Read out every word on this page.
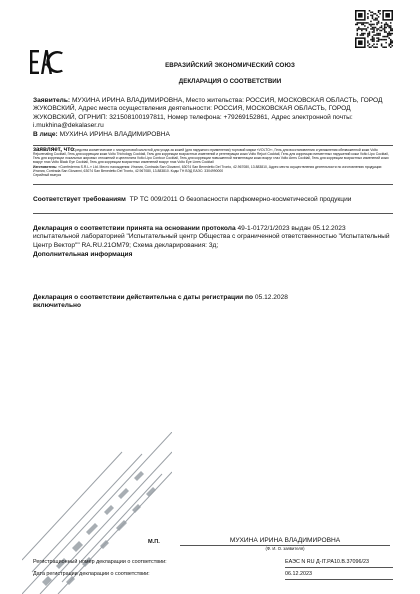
ЕВРАЗИЙСКИЙ ЭКОНОМИЧЕСКИЙ СОЮЗ
ДЕКЛАРАЦИЯ О СООТВЕТСТВИИ
Заявитель: МУХИНА ИРИНА ВЛАДИМИРОВНА, Место жительства: РОССИЯ, МОСКОВСКАЯ ОБЛАСТЬ, ГОРОД ЖУКОВСКИЙ, Адрес места осуществления деятельности: РОССИЯ, МОСКОВСКАЯ ОБЛАСТЬ, ГОРОД ЖУКОВСКИЙ, ОГРНИП: 321508100197811, Номер телефона: +79269152861, Адрес электронной почты: i.mukhina@dekalaser.ru
В лице: МУХИНА ИРИНА ВЛАДИМИРОВНА
заявляет, что Средства косметические с гиалуроновой кислотой для ухода за кожей (для наружного применения) торговой марки «VOLTO»:, Гель для восстановления и увлажнения обезвоженной кожи Volto Rejuvenating Cocktail, Гель для коррекции кожи Volto Trichology Cocktail, Гель для коррекции возрастных изменений и регенерации кожи Volto Rejuvi Cocktail, Гель для коррекции пигментных нарушений кожи Volto Lipo Cocktail, Гель для коррекции локальных жировых отложений и целлюлита Volto Lipo Contour Cocktail, Гель для коррекции повышенной пигментации кожи вокруг глаз Volto Arms Cocktail, Гель для коррекции возрастных изменений кожи вокруг глаз Volto Black Eye Cocktail, Гель для коррекции возрастных изменений вокруг глаз Volto Eye Lines Cocktail
Изготовитель: «Comfederma S.R.L.» Ltd. Место нахождения: Италия, Contrada San Giovanni, 63074 San Benedetto Del Tronto, 42.967080, 13.883810, Адрес места осуществления деятельности по изготовлению продукции: Италия, Contrada San Giovanni, 63074 San Benedetto Del Tronto, 42.967080, 13.883810. Коды ТН ВЭД ЕАЭС: 3304990000
Серийный выпуск
Соответствует требованиям ТР ТС 009/2011 О безопасности парфюмерно-косметической продукции
Декларация о соответствии принята на основании протокола 49-1-0172/1/2023 выдан 05.12.2023 испытательной лабораторией "Испытательный центр Общества с ограниченной ответственностью "Испытательный Центр Вектор"" RA.RU.21ОМ79; Схема декларирования: 3д;
Дополнительная информация
Декларация о соответствии действительна с даты регистрации по 05.12.2028
включительно
М.П.	МУХИНА ИРИНА ВЛАДИМИРОВНА
(Ф. И. О. заявителя)
Регистрационный номер декларации о соответствии:	ЕАЭС N RU Д-IT.PA10.B.37096/23
Дата регистрации декларации о соответствии:	06.12.2023
